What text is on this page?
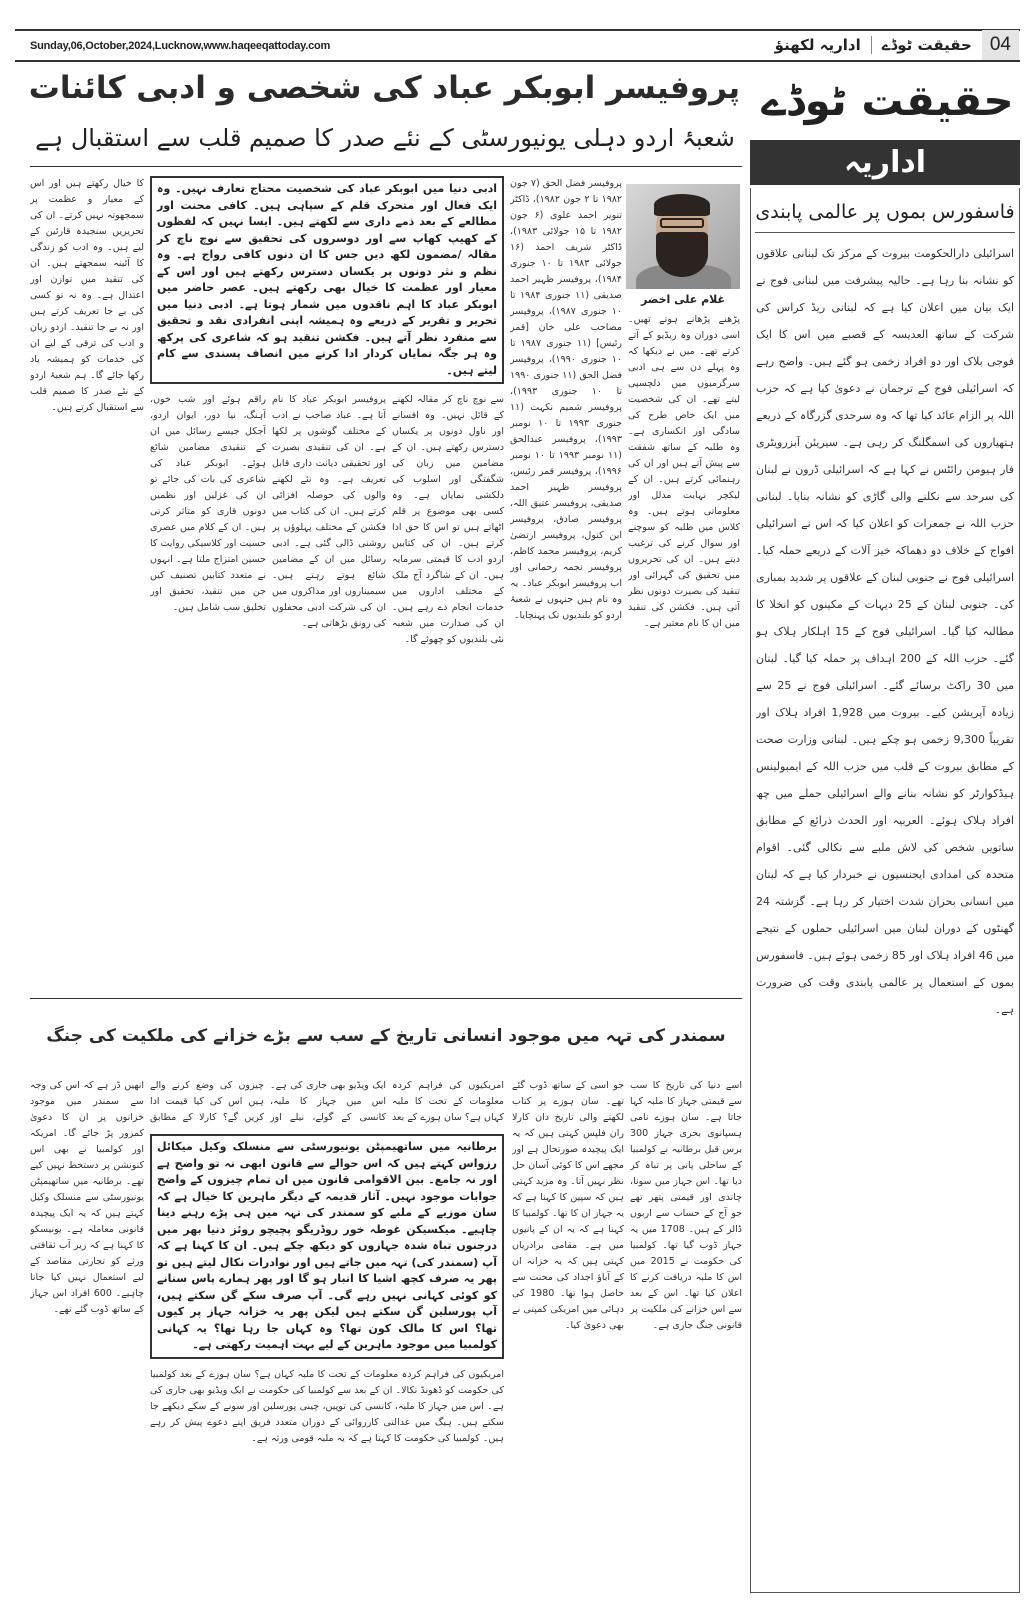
Sunday,06,October,2024,Lucknow,www.haqeeqattoday.com	04
حقیقت ٹوڈے
اداریہ لکھنؤ
پروفیسر ابوبکر عباد کی شخصی و ادبی کائنات
شعبۂ اردو دہلی یونیورسٹی کے نئے صدر کا صمیم قلب سے استقبال ہے
غلام علی اخضر
ادبی دنیا میں ابوبکر عباد کی شخصیت محتاج تعارف نہیں۔ وہ ایک فعال اور متحرک قلم کے سپاہی ہیں۔ کافی محنت اور مطالعے کے بعد ذمے داری سے لکھتے ہیں۔ ایسا نہیں کہ لفظوں کے کھیپ کھاپ سے اور دوسروں کی تحقیق سے نوچ ناچ کر مقالہ /مضمون لکھ دیں جس کا ان دنوں کافی رواج ہے۔ وہ نظم و نثر دونوں پر یکساں دسترس رکھتے ہیں اور اس کے معیار اور عظمت کا خیال بھی رکھتے ہیں۔ عصر حاضر میں ابوبکر عباد کا اہم ناقدوں میں شمار ہوتا ہے۔ ادبی دنیا میں تحریر و تقریر کے ذریعے وہ ہمیشہ اپنی انفرادی نقد و تحقیق سے منفرد نظر آتے ہیں۔ فکشن تنقید ہو کہ شاعری کی پرکھ وہ ہر جگہ نمایاں کردار ادا کرنے میں انصاف پسندی سے کام لیتے ہیں۔
پروفیسر فضل الحق (۷ جون ۱۹۸۲ تا ۲ جون ۱۹۸۲)، ڈاکٹر تنویر احمد علوی (۶ جون ۱۹۸۲ تا ۱۵ جولائی ۱۹۸۳)، ڈاکٹر شریف احمد (۱۶ جولائی ۱۹۸۳ تا ۱۰ جنوری ۱۹۸۴)، پروفیسر ظہیر احمد صدیقی (۱۱ جنوری ۱۹۸۴ تا ۱۰ جنوری ۱۹۸۷)، پروفیسر مصاحب علی خان [قمر رئیس] (۱۱ جنوری ۱۹۸۷ تا ۱۰ جنوری ۱۹۹۰)، پروفیسر فضل الحق (۱۱ جنوری ۱۹۹۰ تا ۱۰ جنوری ۱۹۹۳)، پروفیسر شمیم نکہت (۱۱ جنوری ۱۹۹۳ تا ۱۰ نومبر ۱۹۹۳)، پروفیسر عبدالحق (۱۱ نومبر ۱۹۹۳ تا ۱۰ نومبر ۱۹۹۶)، پروفیسر قمر رئیس، پروفیسر ظہیر احمد صدیقی، پروفیسر عتیق اللہ، پروفیسر صادق، پروفیسر ابن کنول، پروفیسر ارتضیٰ کریم، پروفیسر محمد کاظم، پروفیسر نجمہ رحمانی اور اب پروفیسر ابوبکر عباد۔ یہ وہ نام ہیں جنہوں نے شعبۂ اردو کو بلندیوں تک پہنچایا۔
پڑھنے پڑھانے ہوتے تھیں۔ اسی دوران وہ ریڈیو کے آتے کرتے تھے۔ میں نے دیکھا کہ وہ پہلے دن سے ہی ادبی سرگرمیوں میں دلچسپی لیتے تھے۔ ان کی شخصیت میں ایک خاص طرح کی سادگی اور انکساری ہے۔ وہ طلبہ کے ساتھ شفقت سے پیش آتے ہیں اور ان کی رہنمائی کرتے ہیں۔ ان کے لیکچر نہایت مدلل اور معلوماتی ہوتے ہیں۔ وہ کلاس میں طلبہ کو سوچنے اور سوال کرنے کی ترغیب دیتے ہیں۔ ان کی تحریروں میں تحقیق کی گہرائی اور تنقید کی بصیرت دونوں نظر آتی ہیں۔ فکشن کی تنقید میں ان کا نام معتبر ہے۔
سے نوچ ناچ کر مقالہ لکھنے کے قائل نہیں۔ وہ افسانے اور ناول دونوں پر یکساں دسترس رکھتے ہیں۔ ان کے مضامین میں زبان کی شگفتگی اور اسلوب کی دلکشی نمایاں ہے۔ وہ کسی بھی موضوع پر قلم اٹھاتے ہیں تو اس کا حق ادا کرتے ہیں۔ ان کی کتابیں اردو ادب کا قیمتی سرمایہ ہیں۔ ان کے شاگرد آج ملک کے مختلف اداروں میں خدمات انجام دے رہے ہیں۔ ان کی صدارت میں شعبہ نئی بلندیوں کو چھوئے گا۔
پروفیسر ابوبکر عباد کا نام آتا ہے۔ عباد صاحب نے ادب کے مختلف گوشوں پر لکھا ہے۔ ان کی تنقیدی بصیرت اور تحقیقی دیانت داری قابل تعریف ہے۔ وہ نئے لکھنے والوں کی حوصلہ افزائی کرتے ہیں۔ ان کی کتاب میں فکشن کے مختلف پہلوؤں پر روشنی ڈالی گئی ہے۔ ادبی رسائل میں ان کے مضامین شائع ہوتے رہتے ہیں۔ سیمیناروں اور مذاکروں میں ان کی شرکت ادبی محفلوں کی رونق بڑھاتی ہے۔
راقم ہوئے اور شب خون، آہنگ، نیا دور، ایوان اردو، آجکل جیسے رسائل میں ان کے تنقیدی مضامین شائع ہوئے۔ ابوبکر عباد کی شاعری کی بات کی جائے تو ان کی غزلیں اور نظمیں دونوں قاری کو متاثر کرتی ہیں۔ ان کے کلام میں عصری حسیت اور کلاسیکی روایت کا حسین امتزاج ملتا ہے۔ انہوں نے متعدد کتابیں تصنیف کیں جن میں تنقید، تحقیق اور تخلیق سب شامل ہیں۔
کا خیال رکھتے ہیں اور اس کے معیار و عظمت پر سمجھوتہ نہیں کرتے۔ ان کی تحریریں سنجیدہ قارئین کے لیے ہیں۔ وہ ادب کو زندگی کا آئینہ سمجھتے ہیں۔ ان کی تنقید میں توازن اور اعتدال ہے۔ وہ نہ تو کسی کی بے جا تعریف کرتے ہیں اور نہ بے جا تنقید۔ اردو زبان و ادب کی ترقی کے لیے ان کی خدمات کو ہمیشہ یاد رکھا جائے گا۔ ہم شعبۂ اردو کے نئے صدر کا صمیم قلب سے استقبال کرتے ہیں۔
حقیقت ٹوڈے
اداریہ
فاسفورس بموں پر عالمی پابندی
اسرائیلی دارالحکومت بیروت کے مرکز تک لبنانی علاقوں کو نشانہ بنا رہا ہے۔ حالیہ پیشرفت میں لبنانی فوج نے ایک بیان میں اعلان کیا ہے کہ لبنانی ریڈ کراس کی شرکت کے ساتھ العدیسہ کے قصبے میں اس کا ایک فوجی بلاک اور دو افراد زخمی ہو گئے ہیں۔ واضح رہے کہ اسرائیلی فوج کے ترجمان نے دعویٰ کیا ہے کہ حزب اللہ پر الزام عائد کیا تھا کہ وہ سرحدی گزرگاہ کے ذریعے ہتھیاروں کی اسمگلنگ کر رہی ہے۔ سیریئن آبزرویٹری فار ہیومن رائٹس نے کہا ہے کہ اسرائیلی ڈرون نے لبنان کی سرحد سے نکلنے والی گاڑی کو نشانہ بنایا۔ لبنانی حزب اللہ نے جمعرات کو اعلان کیا کہ اس نے اسرائیلی افواج کے خلاف دو دھماکہ خیز آلات کے ذریعے حملہ کیا۔ اسرائیلی فوج نے جنوبی لبنان کے علاقوں پر شدید بمباری کی۔ جنوبی لبنان کے 25 دیہات کے مکینوں کو انخلا کا مطالبہ کیا گیا۔ اسرائیلی فوج کے 15 اہلکار ہلاک ہو گئے۔ حزب اللہ کے 200 اہداف پر حملہ کیا گیا۔ لبنان میں 30 راکٹ برسائے گئے۔ اسرائیلی فوج نے 25 سے زیادہ آپریشن کیے۔ بیروت میں 1,928 افراد ہلاک اور تقریباً 9,300 زخمی ہو چکے ہیں۔ لبنانی وزارت صحت کے مطابق بیروت کے قلب میں حزب اللہ کے ایمبولینس ہیڈکوارٹر کو نشانہ بنانے والے اسرائیلی حملے میں چھ افراد ہلاک ہوئے۔ العربیہ اور الحدث ذرائع کے مطابق ساتویں شخص کی لاش ملبے سے نکالی گئی۔ اقوام متحدہ کی امدادی ایجنسیوں نے خبردار کیا ہے کہ لبنان میں انسانی بحران شدت اختیار کر رہا ہے۔ گزشتہ 24 گھنٹوں کے دوران لبنان میں اسرائیلی حملوں کے نتیجے میں 46 افراد ہلاک اور 85 زخمی ہوئے ہیں۔ فاسفورس بموں کے استعمال پر عالمی پابندی وقت کی ضرورت ہے۔
سمندر کی تہہ میں موجود انسانی تاریخ کے سب سے بڑے خزانے کی ملکیت کی جنگ
اسے دنیا کی تاریخ کا سب سے قیمتی جہاز کا ملبہ کہا جاتا ہے۔ سان ہوزے نامی ہسپانوی بحری جہاز 300 برس قبل برطانیہ نے کولمبیا کے ساحلی پانی پر تباہ کر دیا تھا۔ اس جہاز میں سونا، چاندی اور قیمتی پتھر تھے جو آج کے حساب سے اربوں ڈالر کے ہیں۔ 1708 میں یہ جہاز ڈوب گیا تھا۔ کولمبیا کی حکومت نے 2015 میں اس کا ملبہ دریافت کرنے کا اعلان کیا تھا۔ اس کے بعد سے اس خزانے کی ملکیت پر قانونی جنگ جاری ہے۔
جو اسی کے ساتھ ڈوب گئے تھے۔ سان ہوزے پر کتاب لکھنے والی تاریخ دان کارلا ران فلپس کہتی ہیں کہ یہ ایک پیچیدہ صورتحال ہے اور مجھے اس کا کوئی آسان حل نظر نہیں آتا۔ وہ مزید کہتی ہیں کہ سپین کا کہنا ہے کہ یہ جہاز ان کا تھا۔ کولمبیا کا کہنا ہے کہ یہ ان کے پانیوں میں ہے۔ مقامی برادریاں کہتی ہیں کہ یہ خزانہ ان کے آباؤ اجداد کی محنت سے حاصل ہوا تھا۔ 1980 کی دہائی میں امریکی کمپنی نے بھی دعویٰ کیا۔
امریکیوں کی فراہم کردہ معلومات کے تحت کا ملبہ کہاں ہے؟ سان ہوزے کے بعد
ایک ویڈیو بھی جاری کی ہے۔ اس میں جہاز کا ملبہ، کانسی کے گولے، نیلے اور
چیزوں کی وضع کرنے والے ہیں اس کی کیا قیمت ادا کریں گے؟ کارلا کے مطابق
انھیں ڈر ہے کہ اس کی وجہ سے سمندر میں موجود خزانوں پر ان کا دعویٰ کمزور پڑ جائے گا۔ امریکہ اور کولمبیا نے بھی اس کنونشن پر دستخط نہیں کیے تھے۔ برطانیہ میں ساتھیمپٹن یونیورسٹی سے منسلک وکیل کہتے ہیں کہ یہ ایک پیچیدہ قانونی معاملہ ہے۔ یونیسکو کا کہنا ہے کہ زیر آب ثقافتی ورثے کو تجارتی مقاصد کے لیے استعمال نہیں کیا جانا چاہیے۔ 600 افراد اس جہاز کے ساتھ ڈوب گئے تھے۔
برطانیہ میں ساتھیمپٹن یونیورسٹی سے منسلک وکیل میکائل رزواس کہتے ہیں کہ اس حوالے سے قانون ابھی نہ تو واضح ہے اور نہ جامع۔ بین الاقوامی قانون میں ان تمام چیزوں کے واضح جوابات موجود نہیں۔ آثار قدیمہ کے دیگر ماہرین کا خیال ہے کہ سان موزیے کے ملبے کو سمندر کی تہہ میں ہی پڑے رہنے دینا چاہیے۔ میکسیکن غوطہ خور روڈریگو پچیچو روئز دنیا بھر میں درجنوں تباہ شدہ جہازوں کو دیکھ چکے ہیں۔ ان کا کہنا ہے کہ آپ (سمندر کی) تہہ میں جاتے ہیں اور نوادرات نکال لیتے ہیں تو پھر یہ صرف کچھ اشیا کا انبار ہو گا اور پھر ہمارے پاس سنانے کو کوئی کہانی نہیں رہے گی۔ آپ صرف سکے گن سکتے ہیں، آپ پورسلین گن سکتے ہیں لیکن پھر یہ خزانہ جہاز پر کیوں تھا؟ اس کا مالک کون تھا؟ وہ کہاں جا رہا تھا؟ یہ کہانی کولمبیا میں موجود ماہرین کے لیے بہت اہمیت رکھتی ہے۔
امریکیوں کی فراہم کردہ معلومات کے تحت کا ملبہ کہاں ہے؟ سان ہوزے کے بعد کولمبیا کی حکومت کو ڈھونڈ نکالا۔ ان کے بعد سے کولمبیا کی حکومت نے ایک ویڈیو بھی جاری کی ہے۔ اس میں جہاز کا ملبہ، کانسی کی توپیں، چینی پورسلین اور سونے کے سکے دیکھے جا سکتے ہیں۔ ہیگ میں عدالتی کارروائی کے دوران متعدد فریق اپنے دعوے پیش کر رہے ہیں۔ کولمبیا کی حکومت کا کہنا ہے کہ یہ ملبہ قومی ورثہ ہے۔
